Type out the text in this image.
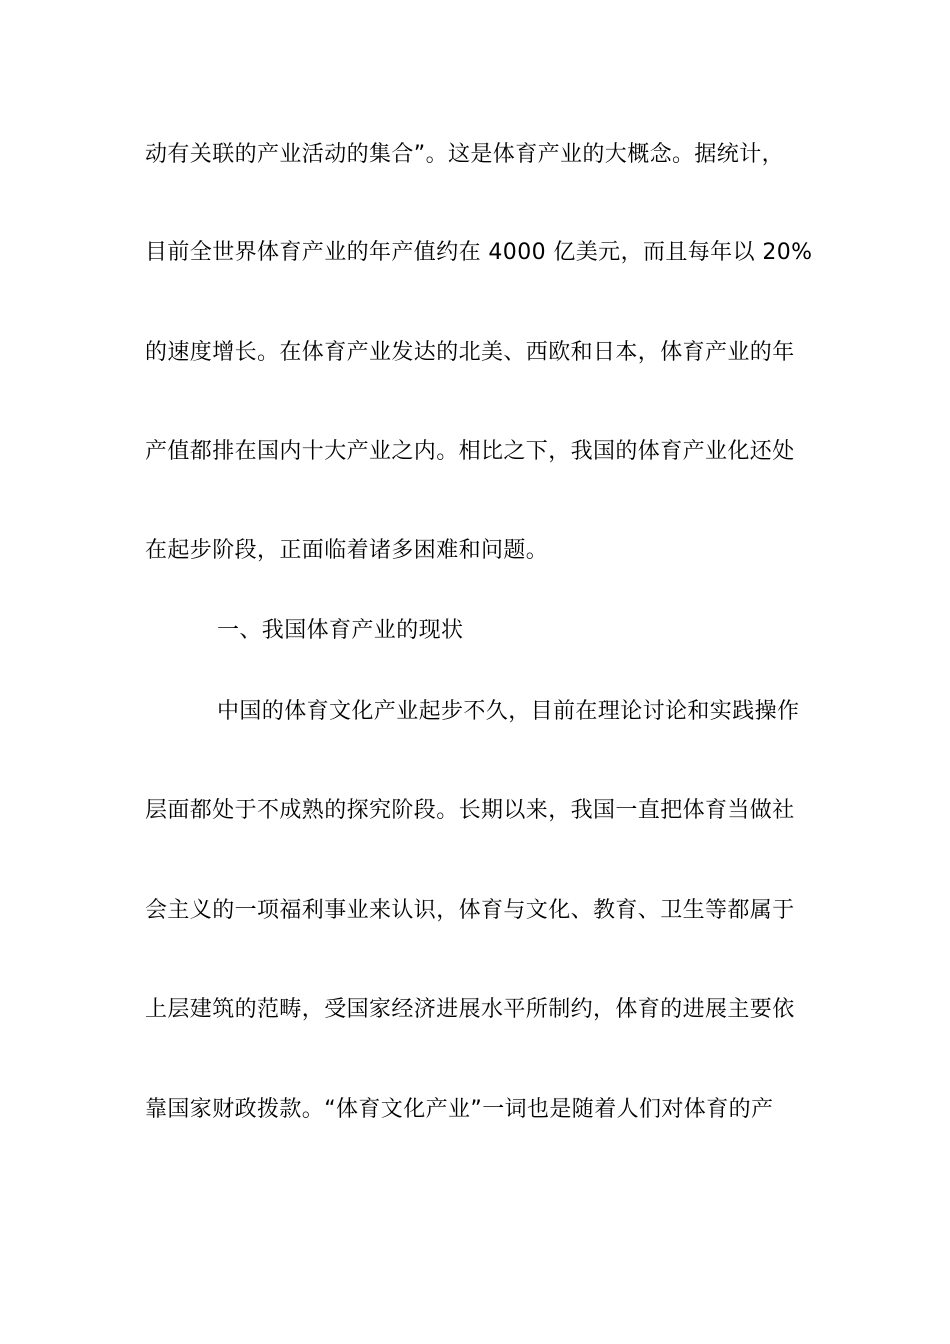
动有关联的产业活动的集合”。这是体育产业的大概念。据统计，
目前全世界体育产业的年产值约在 4000 亿美元，而且每年以 20%
的速度增长。在体育产业发达的北美、西欧和日本，体育产业的年
产值都排在国内十大产业之内。相比之下，我国的体育产业化还处
在起步阶段，正面临着诸多困难和问题。
一、我国体育产业的现状
中国的体育文化产业起步不久，目前在理论讨论和实践操作
层面都处于不成熟的探究阶段。长期以来，我国一直把体育当做社
会主义的一项福利事业来认识，体育与文化、教育、卫生等都属于
上层建筑的范畴，受国家经济进展水平所制约，体育的进展主要依
靠国家财政拨款。“体育文化产业”一词也是随着人们对体育的产
